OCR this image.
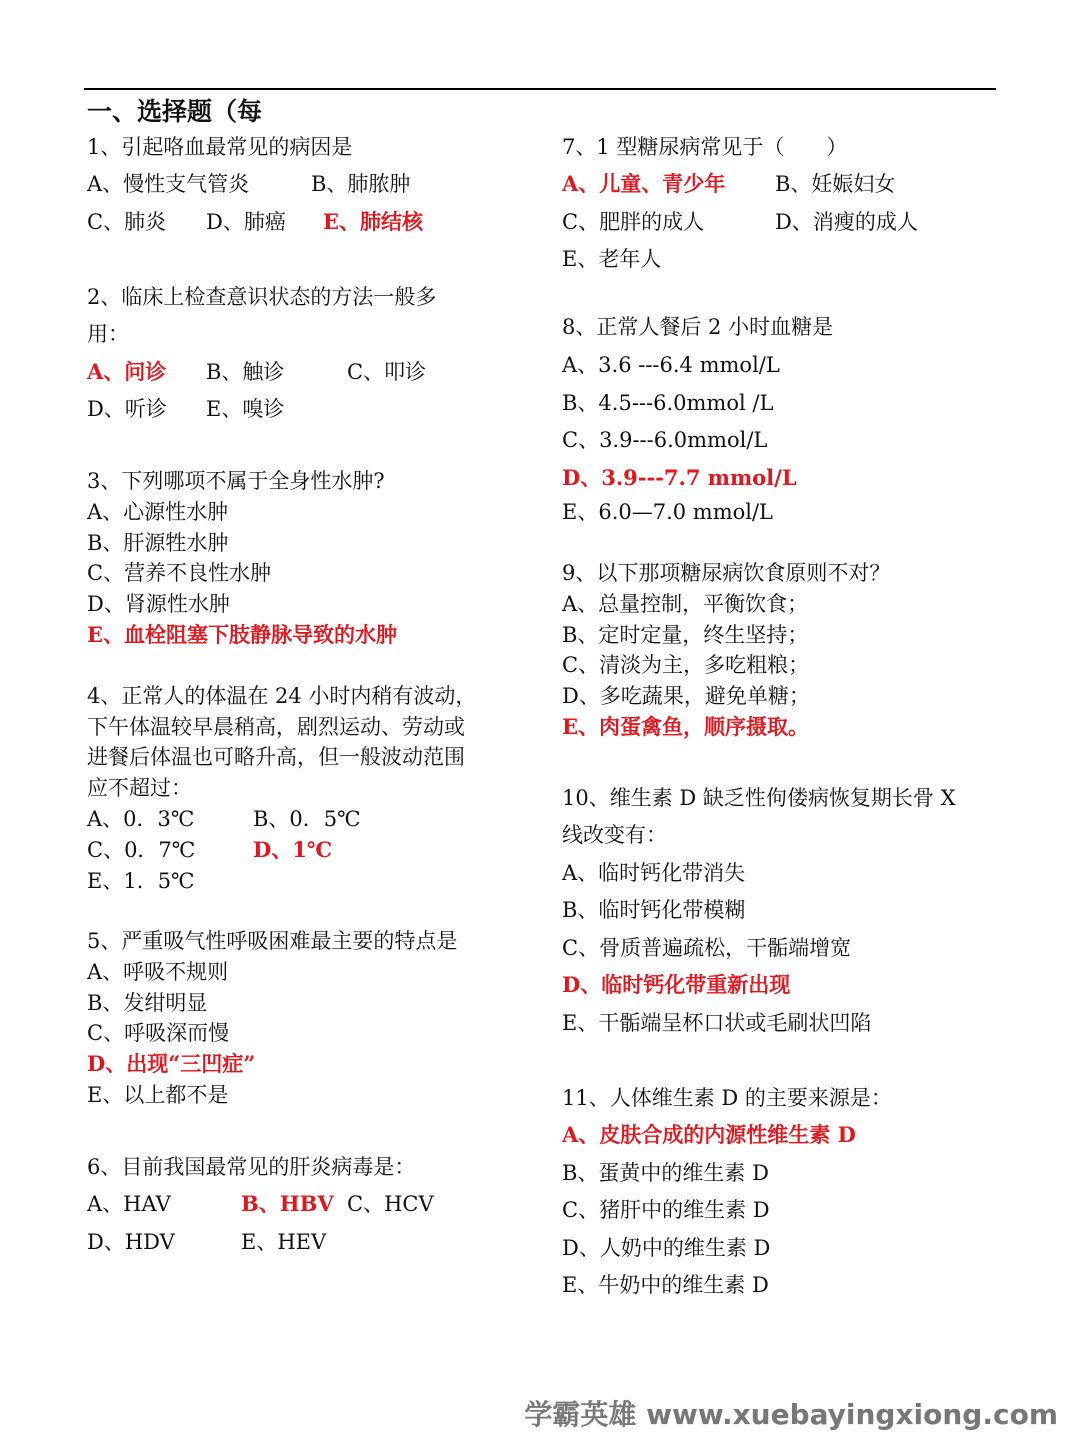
一、选择题（每
1、引起咯血最常见的病因是
A、慢性支气管炎	B、肺脓肿
C、肺炎 D、肺癌 E、肺结核
2、临床上检查意识状态的方法一般多
用：
A、问诊 B、触诊	C、叩诊
D、听诊 E、嗅诊
3、下列哪项不属于全身性水肿?
A、心源性水肿
B、肝源牲水肿
C、营养不良性水肿
D、肾源性水肿
E、血栓阻塞下肢静脉导致的水肿
4、正常人的体温在 24 小时内稍有波动，
下午体温较早晨稍高，剧烈运动、劳动或
进餐后体温也可略升高，但一般波动范围
应不超过：
A、0．3℃	B、0．5℃
C、0．7℃	D、1℃
E、1．5℃
5、严重吸气性呼吸困难最主要的特点是
A、呼吸不规则
B、发绀明显
C、呼吸深而慢
D、出现“三凹症”
E、以上都不是
6、目前我国最常见的肝炎病毒是：
A、HAV	B、HBV C、HCV
D、HDV	E、HEV
7、1 型糖尿病常见于（　　）
A、儿童、青少年 B、妊娠妇女
C、肥胖的成人	D、消瘦的成人
E、老年人
8、正常人餐后 2 小时血糖是
A、3.6 ---6.4 mmol/L
B、4.5---6.0mmol /L
C、3.9---6.0mmol/L
D、3.9---7.7 mmol/L
E、6.0—7.0 mmol/L
9、以下那项糖尿病饮食原则不对？
A、总量控制，平衡饮食；
B、定时定量，终生坚持；
C、清淡为主，多吃粗粮；
D、多吃蔬果，避免单糖；
E、肉蛋禽鱼，顺序摄取。
10、维生素 D 缺乏性佝偻病恢复期长骨 X
线改变有：
A、临时钙化带消失
B、临时钙化带模糊
C、骨质普遍疏松，干骺端增宽
D、临时钙化带重新出现
E、干骺端呈杯口状或毛刷状凹陷
11、人体维生素 D 的主要来源是：
A、皮肤合成的内源性维生素 D
B、蛋黄中的维生素 D
C、猪肝中的维生素 D
D、人奶中的维生素 D
E、牛奶中的维生素 D
学霸英雄 www.xuebayingxiong.com
